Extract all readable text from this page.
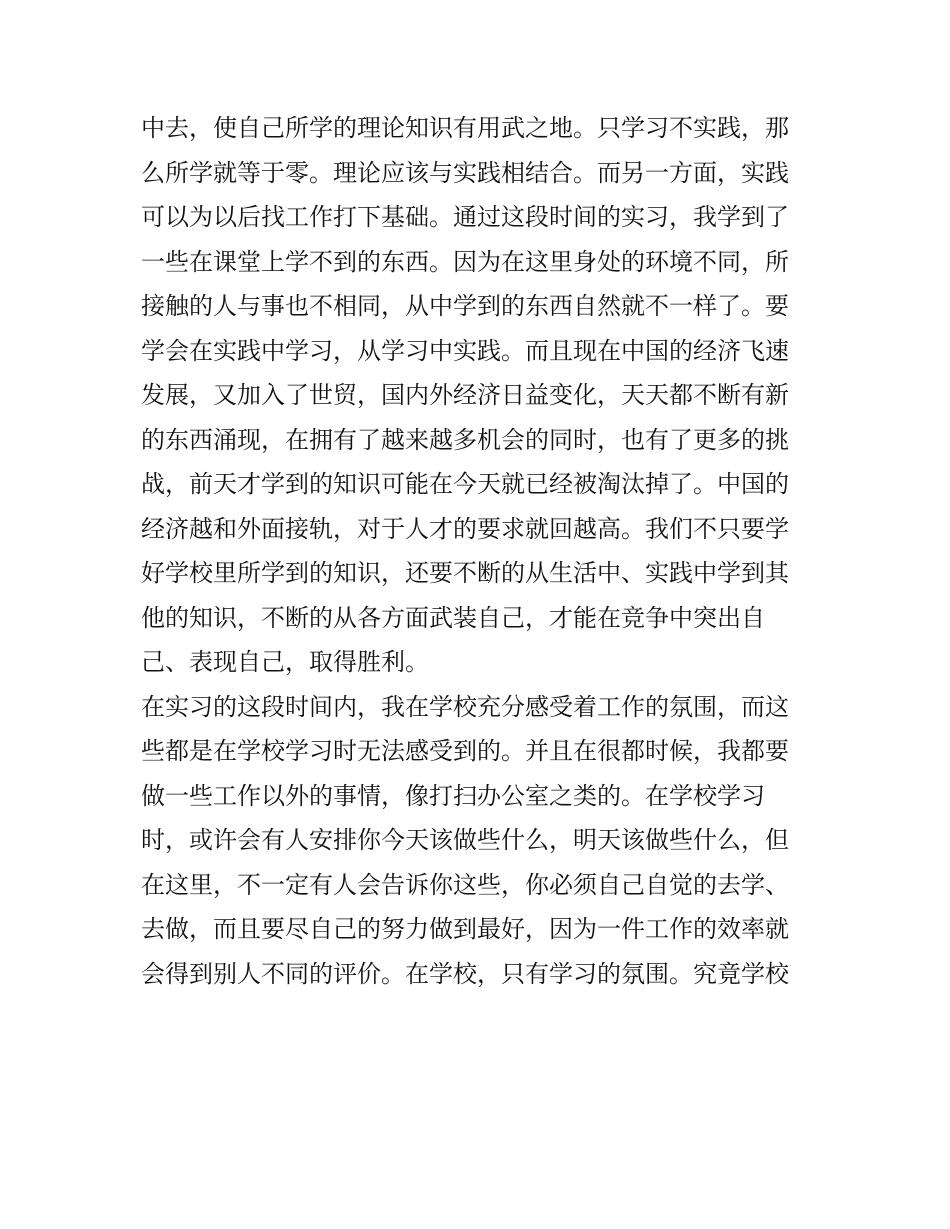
中去，使自己所学的理论知识有用武之地。只学习不实践，那
么所学就等于零。理论应该与实践相结合。而另一方面，实践
可以为以后找工作打下基础。通过这段时间的实习，我学到了
一些在课堂上学不到的东西。因为在这里身处的环境不同，所
接触的人与事也不相同，从中学到的东西自然就不一样了。要
学会在实践中学习，从学习中实践。而且现在中国的经济飞速
发展，又加入了世贸，国内外经济日益变化，天天都不断有新
的东西涌现，在拥有了越来越多机会的同时，也有了更多的挑
战，前天才学到的知识可能在今天就已经被淘汰掉了。中国的
经济越和外面接轨，对于人才的要求就回越高。我们不只要学
好学校里所学到的知识，还要不断的从生活中、实践中学到其
他的知识，不断的从各方面武装自己，才能在竞争中突出自
己、表现自己，取得胜利。
在实习的这段时间内，我在学校充分感受着工作的氛围，而这
些都是在学校学习时无法感受到的。并且在很都时候，我都要
做一些工作以外的事情，像打扫办公室之类的。在学校学习
时，或许会有人安排你今天该做些什么，明天该做些什么，但
在这里，不一定有人会告诉你这些，你必须自己自觉的去学、
去做，而且要尽自己的努力做到最好，因为一件工作的效率就
会得到别人不同的评价。在学校，只有学习的氛围。究竟学校
